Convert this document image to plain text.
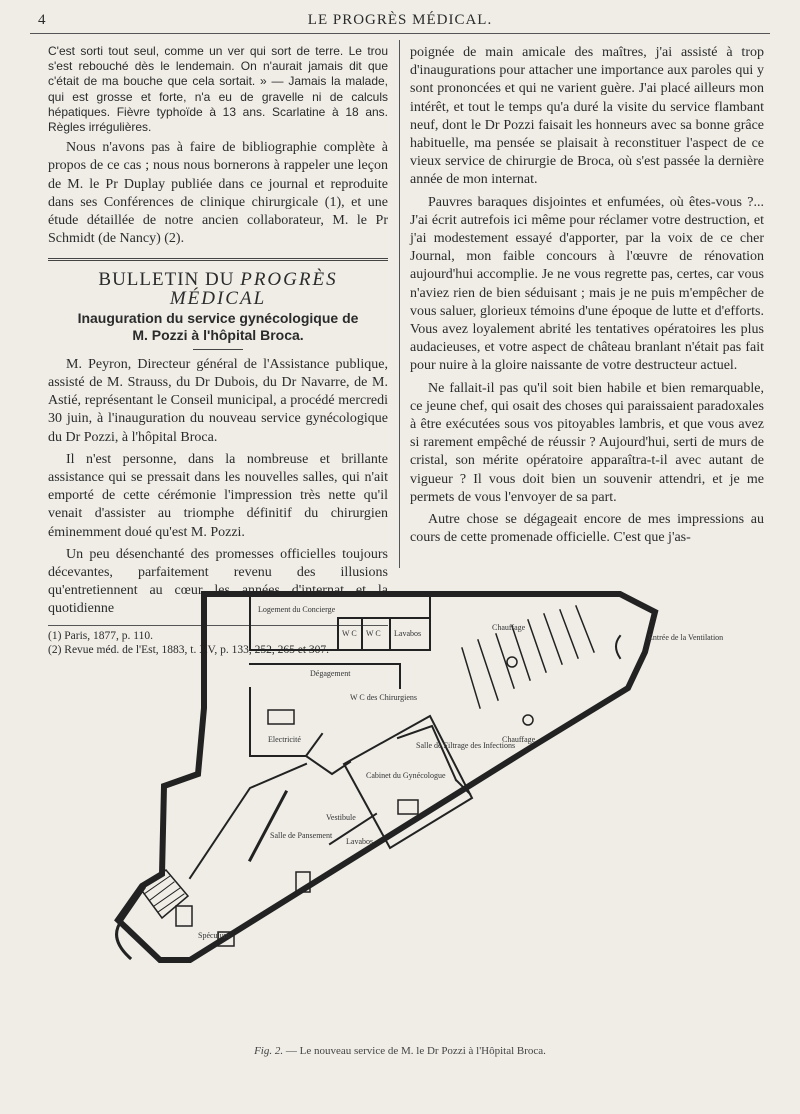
4	LE PROGRÈS MÉDICAL.

C'est sorti tout seul, comme un ver qui sort de terre. Le trou s'est rebouché dès le lendemain. On n'aurait jamais dit que c'était de ma bouche que cela sortait. » — Jamais la malade, qui est grosse et forte, n'a eu de gravelle ni de calculs hépatiques. Fièvre typhoïde à 13 ans. Scarlatine à 18 ans. Règles irrégulières.

Nous n'avons pas à faire de bibliographie complète à propos de ce cas ; nous nous bornerons à rappeler une leçon de M. le Pr Duplay publiée dans ce journal et reproduite dans ses Conférences de clinique chirurgicale (1), et une étude détaillée de notre ancien collaborateur, M. le Pr Schmidt (de Nancy) (2).

BULLETIN DU PROGRÈS MÉDICAL
Inauguration du service gynécologique de
M. Pozzi à l'hôpital Broca.

M. Peyron, Directeur général de l'Assistance publique, assisté de M. Strauss, du Dr Dubois, du Dr Navarre, de M. Astié, représentant le Conseil municipal, a procédé mercredi 30 juin, à l'inauguration du nouveau service gynécologique du Dr Pozzi, à l'hôpital Broca.

Il n'est personne, dans la nombreuse et brillante assistance qui se pressait dans les nouvelles salles, qui n'ait emporté de cette cérémonie l'impression très nette qu'il venait d'assister au triomphe définitif du chirurgien éminemment doué qu'est M. Pozzi.

Un peu désenchanté des promesses officielles toujours décevantes, parfaitement revenu des illusions qu'entretiennent au cœur les années d'internat et la quotidienne

(1) Paris, 1877, p. 110.
(2) Revue méd. de l'Est, 1883, t. XV, p. 133, 252, 265 et 307.

poignée de main amicale des maîtres, j'ai assisté à trop d'inaugurations pour attacher une importance aux paroles qui y sont prononcées et qui ne varient guère. J'ai placé ailleurs mon intérêt, et tout le temps qu'a duré la visite du service flambant neuf, dont le Dr Pozzi faisait les honneurs avec sa bonne grâce habituelle, ma pensée se plaisait à reconstituer l'aspect de ce vieux service de chirurgie de Broca, où s'est passée la dernière année de mon internat.

Pauvres baraques disjointes et enfumées, où êtes-vous ?... J'ai écrit autrefois ici même pour réclamer votre destruction, et j'ai modestement essayé d'apporter, par la voix de ce cher Journal, mon faible concours à l'œuvre de rénovation aujourd'hui accomplie. Je ne vous regrette pas, certes, car vous n'aviez rien de bien séduisant ; mais je ne puis m'empêcher de vous saluer, glorieux témoins d'une époque de lutte et d'efforts. Vous avez loyalement abrité les tentatives opératoires les plus audacieuses, et votre aspect de château branlant n'était pas fait pour nuire à la gloire naissante de votre destructeur actuel.

Ne fallait-il pas qu'il soit bien habile et bien remarquable, ce jeune chef, qui osait des choses qui paraissaient paradoxales à être exécutées sous vos pitoyables lambris, et que vous avez si rarement empêché de réussir ? Aujourd'hui, serti de murs de cristal, son mérite opératoire apparaîtra-t-il avec autant de vigueur ? Il vous doit bien un souvenir attendri, et je me permets de vous l'envoyer de sa part.

Autre chose se dégageait encore de mes impressions au cours de cette promenade officielle. C'est que j'as-

Logement du Concierge
W C W C Lavabos
Chauffage
Chauffage
Entrée de la Ventilation
Dégagement
W C des Chirurgiens
Electricité
Vestibule
Cabinet du Gynécologue
Salle de Filtrage des Infections
Lavabos
Salle de Pansement
Spéculum
Fig. 2. — Le nouveau service de M. le Dr Pozzi à l'Hôpital Broca.
